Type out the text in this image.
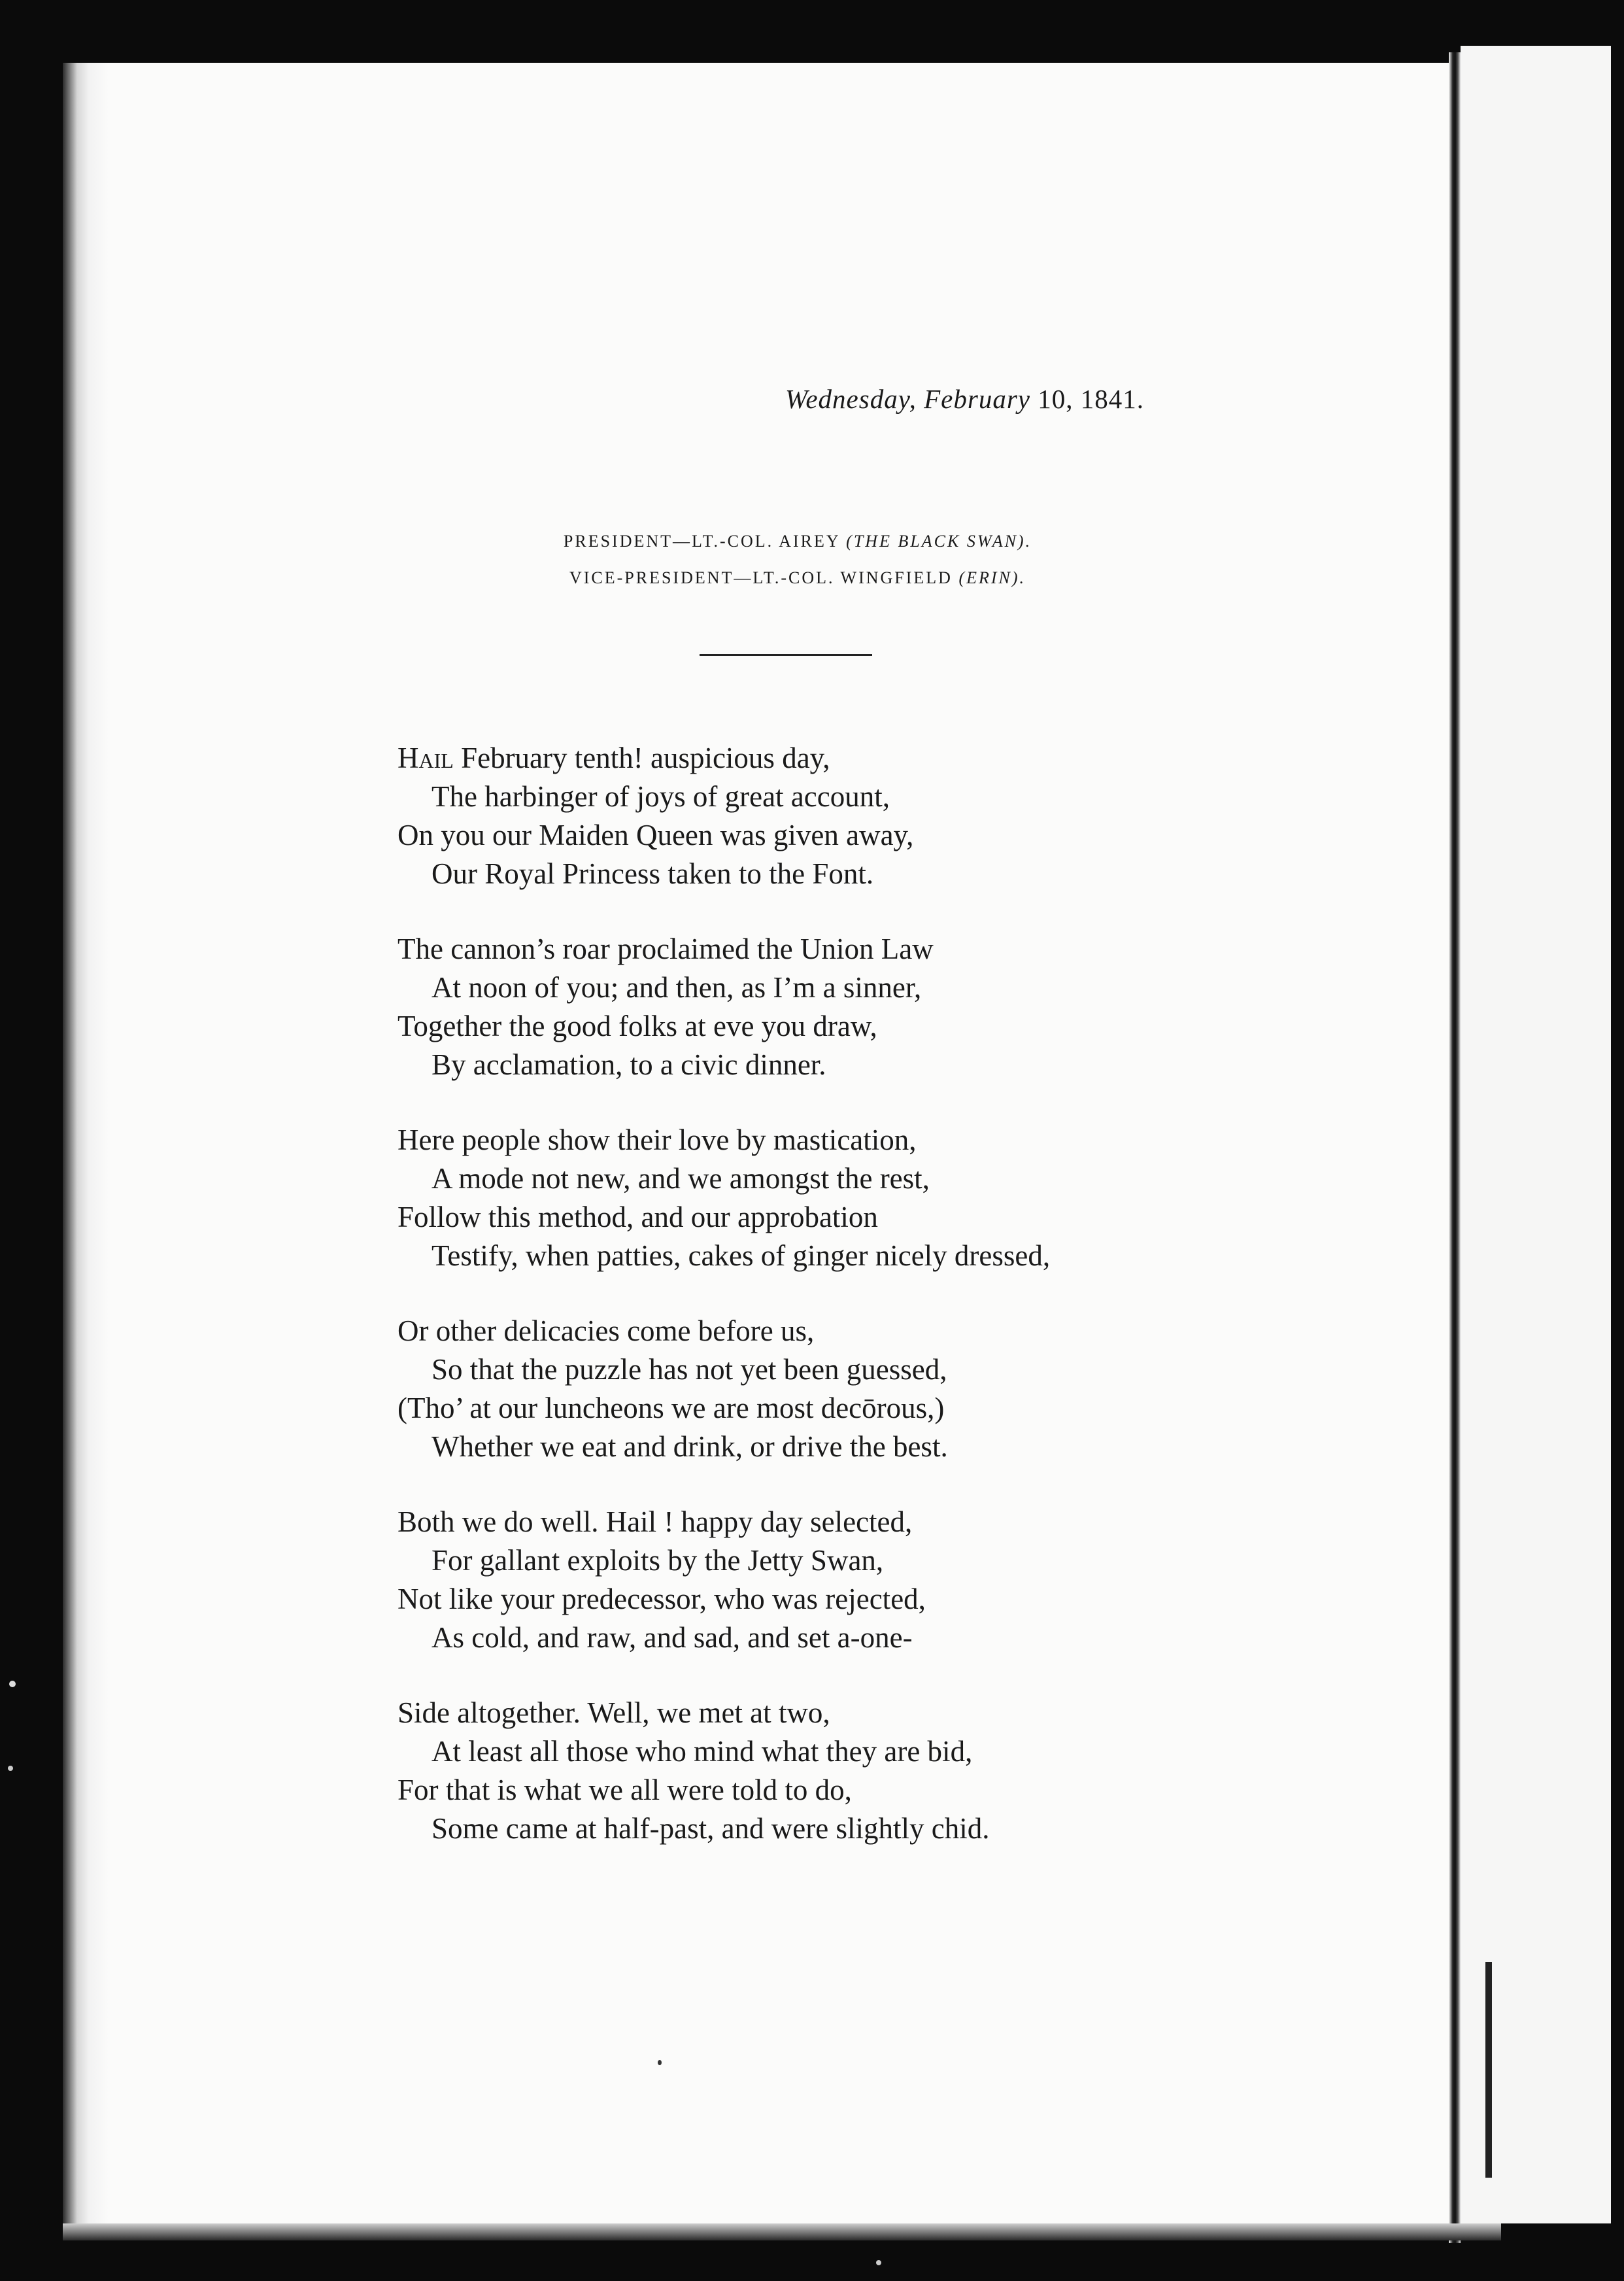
Wednesday, February 10, 1841.
PRESIDENT—LT.-COL. AIREY (THE BLACK SWAN).
VICE-PRESIDENT—LT.-COL. WINGFIELD (ERIN).
Hail February tenth! auspicious day,
The harbinger of joys of great account,
On you our Maiden Queen was given away,
Our Royal Princess taken to the Font.
The cannon’s roar proclaimed the Union Law
At noon of you; and then, as I’m a sinner,
Together the good folks at eve you draw,
By acclamation, to a civic dinner.
Here people show their love by mastication,
A mode not new, and we amongst the rest,
Follow this method, and our approbation
Testify, when patties, cakes of ginger nicely dressed,
Or other delicacies come before us,
So that the puzzle has not yet been guessed,
(Tho’ at our luncheons we are most decōrous,)
Whether we eat and drink, or drive the best.
Both we do well. Hail ! happy day selected,
For gallant exploits by the Jetty Swan,
Not like your predecessor, who was rejected,
As cold, and raw, and sad, and set a-one-
Side altogether. Well, we met at two,
At least all those who mind what they are bid,
For that is what we all were told to do,
Some came at half-past, and were slightly chid.
